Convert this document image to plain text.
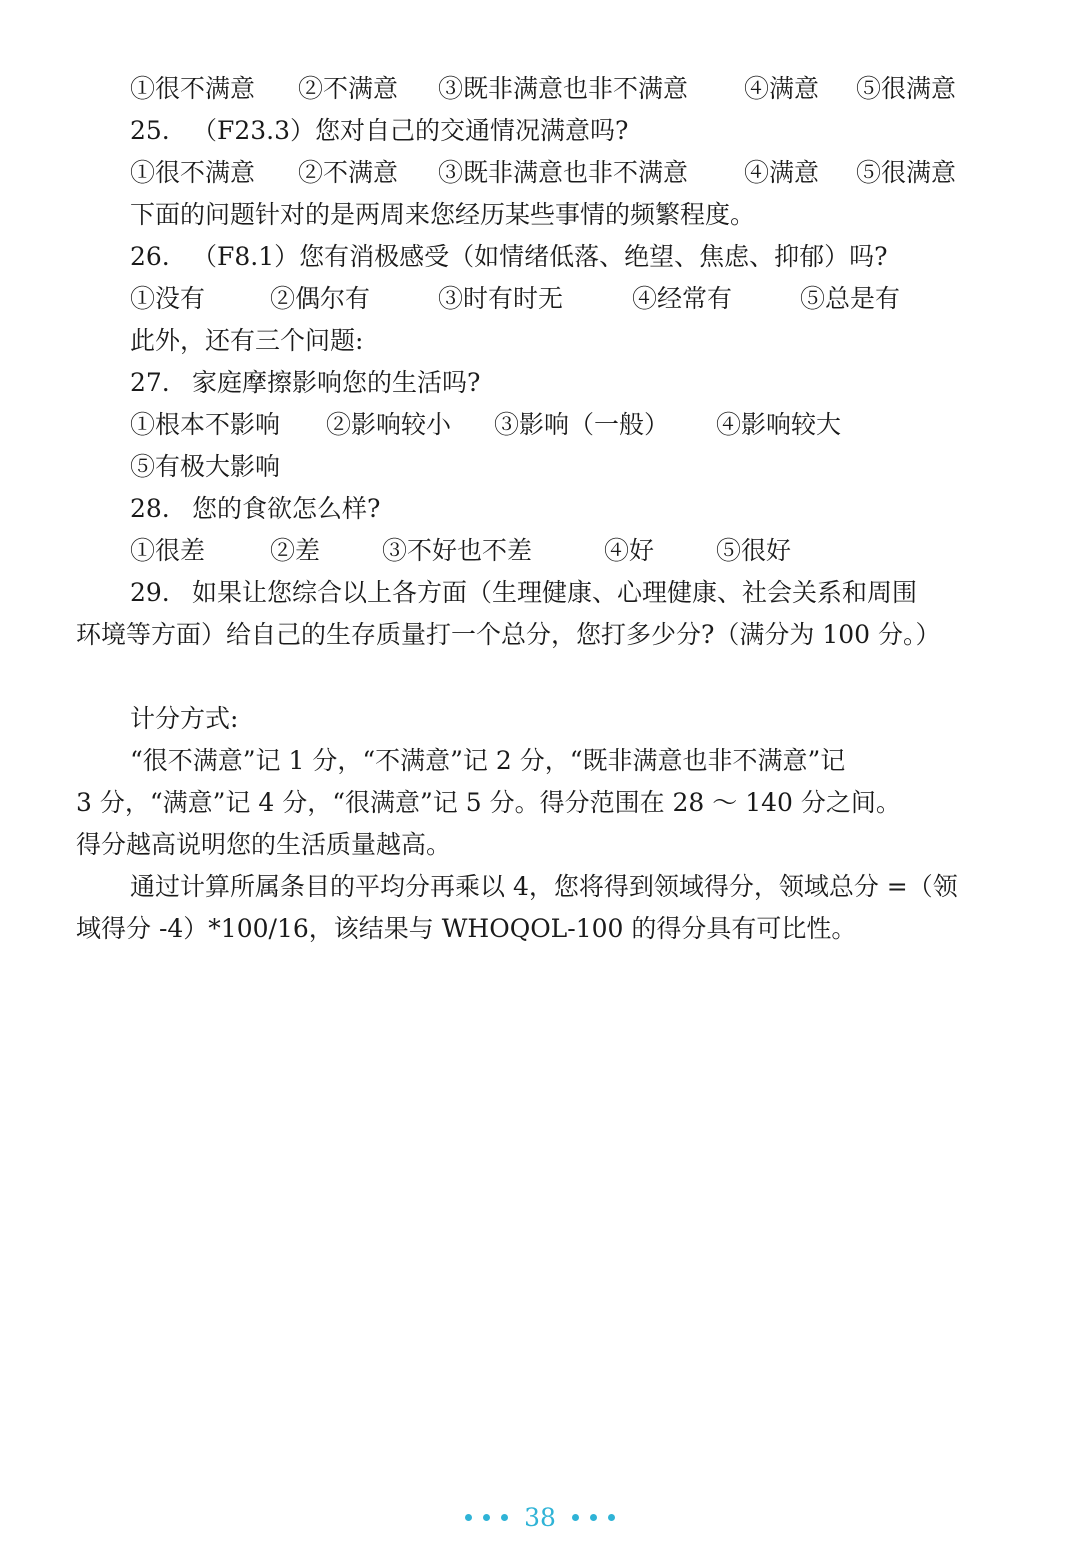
①很不满意 ②不满意 ③既非满意也非不满意 ④满意 ⑤很满意
25. （F23.3）您对自己的交通情况满意吗?
①很不满意 ②不满意 ③既非满意也非不满意 ④满意 ⑤很满意
下面的问题针对的是两周来您经历某些事情的频繁程度。
26. （F8.1）您有消极感受（如情绪低落、绝望、焦虑、抑郁）吗?
①没有	②偶尔有	③时有时无	④经常有	⑤总是有
此外，还有三个问题:
27. 家庭摩擦影响您的生活吗?
①根本不影响 ②影响较小 ③影响（一般） ④影响较大
⑤有极大影响
28. 您的食欲怎么样?
①很差	②差 ③不好也不差	④好 ⑤很好
29. 如果让您综合以上各方面（生理健康、心理健康、社会关系和周围
环境等方面）给自己的生存质量打一个总分，您打多少分?（满分为 100 分。）
计分方式:
“很不满意”记 1 分，“不满意”记 2 分，“既非满意也非不满意”记
3 分，“满意”记 4 分，“很满意”记 5 分。得分范围在 28 ～ 140 分之间。
得分越高说明您的生活质量越高。
通过计算所属条目的平均分再乘以 4，您将得到领域得分，领域总分 =（领
域得分 -4）*100/16，该结果与 WHOQOL-100 的得分具有可比性。
38
